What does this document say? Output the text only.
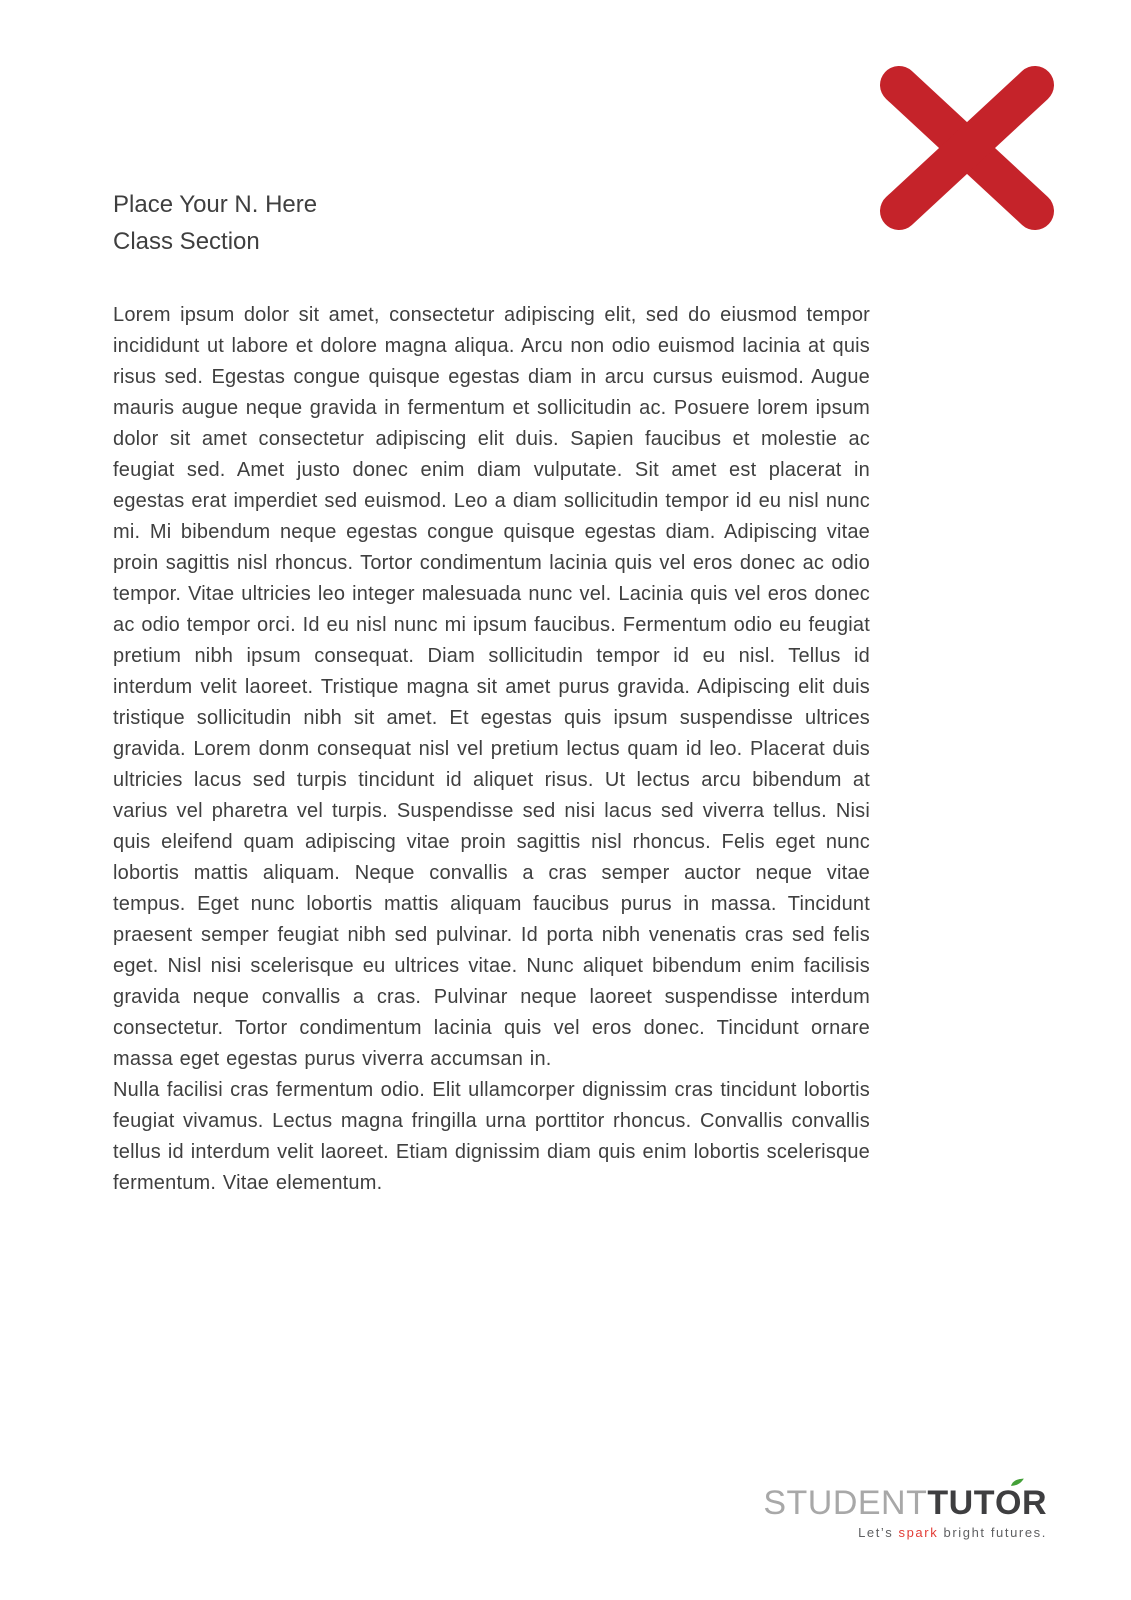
Place Your N. Here
Class Section

Lorem ipsum dolor sit amet, consectetur adipiscing elit, sed do eiusmod tempor incididunt ut labore et dolore magna aliqua. Arcu non odio euismod lacinia at quis risus sed. Egestas congue quisque egestas diam in arcu cursus euismod. Augue mauris augue neque gravida in fermentum et sollicitudin ac. Posuere lorem ipsum dolor sit amet consectetur adipiscing elit duis. Sapien faucibus et molestie ac feugiat sed. Amet justo donec enim diam vulputate. Sit amet est placerat in egestas erat imperdiet sed euismod. Leo a diam sollicitudin tempor id eu nisl nunc mi. Mi bibendum neque egestas congue quisque egestas diam. Adipiscing vitae proin sagittis nisl rhoncus. Tortor condimentum lacinia quis vel eros donec ac odio tempor. Vitae ultricies leo integer malesuada nunc vel. Lacinia quis vel eros donec ac odio tempor orci. Id eu nisl nunc mi ipsum faucibus. Fermentum odio eu feugiat pretium nibh ipsum consequat. Diam sollicitudin tempor id eu nisl. Tellus id interdum velit laoreet. Tristique magna sit amet purus gravida. Adipiscing elit duis tristique sollicitudin nibh sit amet. Et egestas quis ipsum suspendisse ultrices gravida. Lorem donm consequat nisl vel pretium lectus quam id leo. Placerat duis ultricies lacus sed turpis tincidunt id aliquet risus. Ut lectus arcu bibendum at varius vel pharetra vel turpis. Suspendisse sed nisi lacus sed viverra tellus. Nisi quis eleifend quam adipiscing vitae proin sagittis nisl rhoncus. Felis eget nunc lobortis mattis aliquam. Neque convallis a cras semper auctor neque vitae tempus. Eget nunc lobortis mattis aliquam faucibus purus in massa. Tincidunt praesent semper feugiat nibh sed pulvinar. Id porta nibh venenatis cras sed felis eget. Nisl nisi scelerisque eu ultrices vitae. Nunc aliquet bibendum enim facilisis gravida neque convallis a cras. Pulvinar neque laoreet suspendisse interdum consectetur. Tortor condimentum lacinia quis vel eros donec. Tincidunt ornare massa eget egestas purus viverra accumsan in.

Nulla facilisi cras fermentum odio. Elit ullamcorper dignissim cras tincidunt lobortis feugiat vivamus. Lectus magna fringilla urna porttitor rhoncus. Convallis convallis tellus id interdum velit laoreet. Etiam dignissim diam quis enim lobortis scelerisque fermentum. Vitae elementum.

STUDENTTUTO
R
Let’s spark bright futures.
